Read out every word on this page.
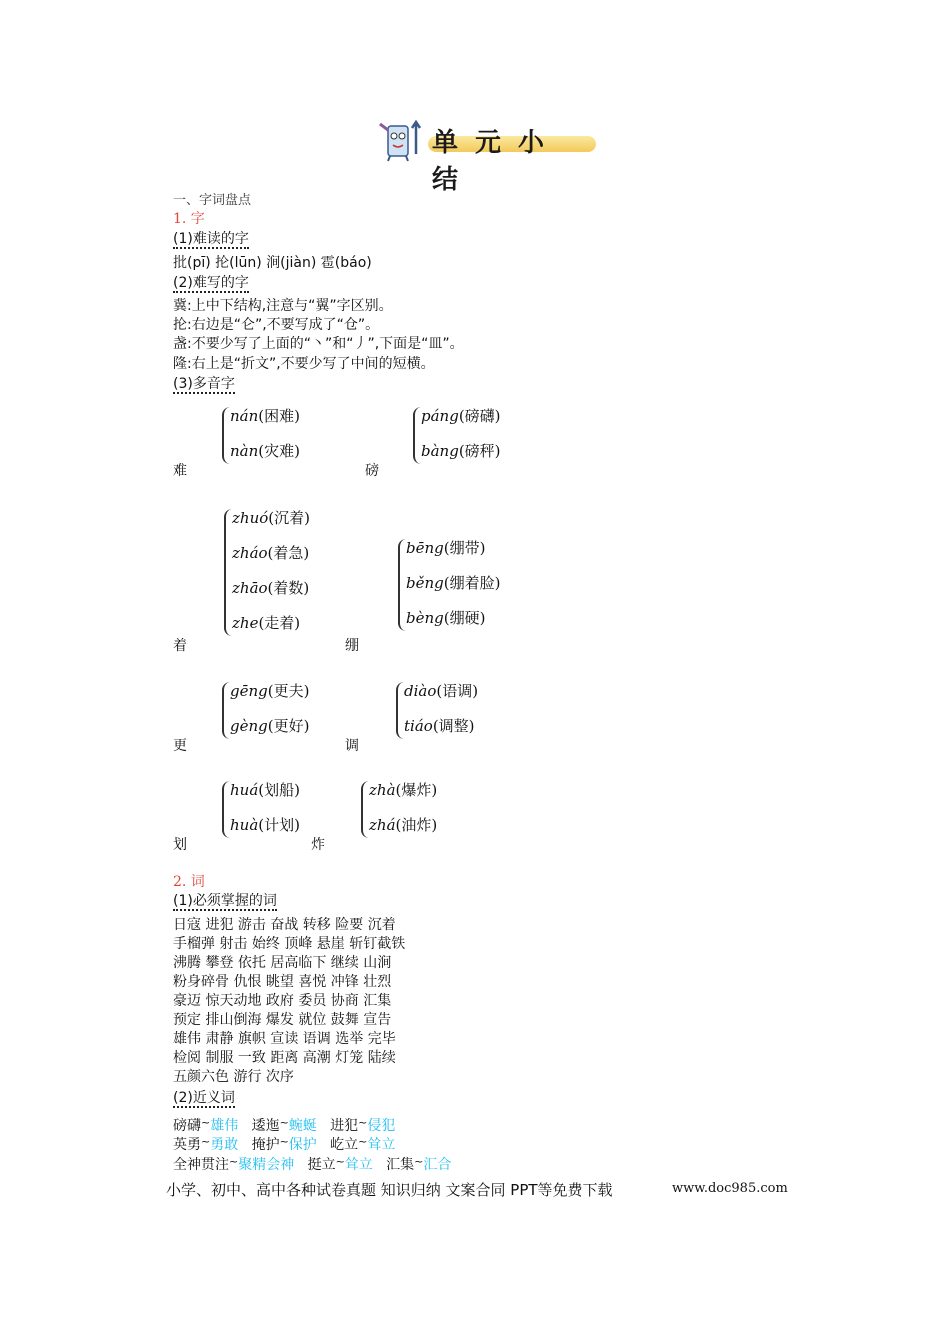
单元小结
一、字词盘点
1. 字
(1)难读的字
批(pī) 抡(lūn) 涧(jiàn) 雹(báo)
(2)难写的字
冀:上中下结构,注意与“翼”字区别。
抡:右边是“仑”,不要写成了“仓”。
盏:不要少写了上面的“丶”和“丿”,下面是“皿”。
隆:右上是“折文”,不要少写了中间的短横。
(3)多音字
难
nán(困难)
nàn(灾难)
磅
páng(磅礴)
bàng(磅秤)
着
zhuó(沉着)
zháo(着急)
zhāo(着数)
zhe(走着)
绷
bēng(绷带)
běng(绷着脸)
bèng(绷硬)
更
gēng(更夫)
gèng(更好)
调
diào(语调)
tiáo(调整)
划
huá(划船)
huà(计划)
炸
zhà(爆炸)
zhá(油炸)
2. 词
(1)必须掌握的词
日寇 进犯 游击 奋战 转移 险要 沉着
手榴弹 射击 始终 顶峰 悬崖 斩钉截铁
沸腾 攀登 依托 居高临下 继续 山涧
粉身碎骨 仇恨 眺望 喜悦 冲锋 壮烈
豪迈 惊天动地 政府 委员 协商 汇集
预定 排山倒海 爆发 就位 鼓舞 宣告
雄伟 肃静 旗帜 宣读 语调 选举 完毕
检阅 制服 一致 距离 高潮 灯笼 陆续
五颜六色 游行 次序
(2)近义词
磅礴~雄伟 逶迤~蜿蜒 进犯~侵犯
英勇~勇敢 掩护~保护 屹立~耸立
全神贯注~聚精会神 挺立~耸立 汇集~汇合
小学、初中、高中各种试卷真题 知识归纳 文案合同 PPT等免费下载	www.doc985.com
